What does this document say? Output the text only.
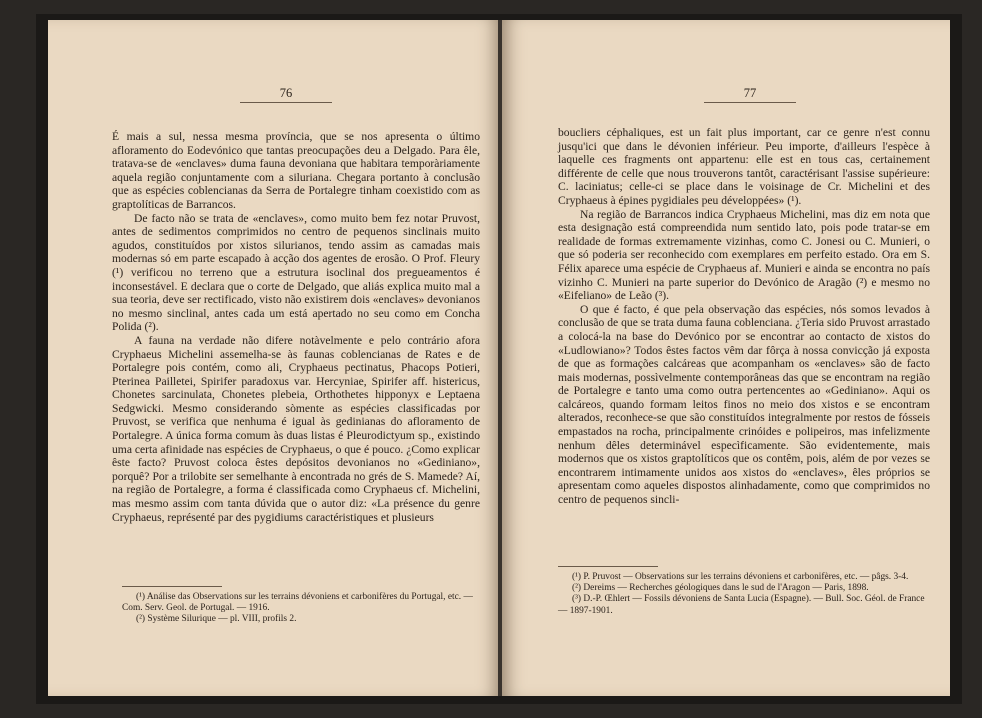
76

É mais a sul, nessa mesma província, que se nos apresenta o último afloramento do Eodevónico que tantas preocupações deu a Delgado. Para êle, tratava-se de «enclaves» duma fauna devoniana que habitara temporàriamente aquela região conjuntamente com a siluriana. Chegara portanto à conclusão que as espécies coblencianas da Serra de Portalegre tinham coexistido com as graptolíticas de Barrancos.

De facto não se trata de «enclaves», como muito bem fez notar Pruvost, antes de sedimentos comprimidos no centro de pequenos sinclinais muito agudos, constituídos por xistos silurianos, tendo assim as camadas mais modernas só em parte escapado à acção dos agentes de erosão. O Prof. Fleury (¹) verificou no terreno que a estrutura isoclinal dos pregueamentos é inconsestável. E declara que o corte de Delgado, que aliás explica muito mal a sua teoria, deve ser rectificado, visto não existirem dois «enclaves» devonianos no mesmo sinclinal, antes cada um está apertado no seu como em Concha Polida (²).

A fauna na verdade não difere notàvelmente e pelo contrário afora Cryphaeus Michelini assemelha-se às faunas coblencianas de Rates e de Portalegre pois contém, como ali, Cryphaeus pectinatus, Phacops Potieri, Pterinea Pailletei, Spirifer paradoxus var. Hercyniae, Spirifer aff. histericus, Chonetes sarcinulata, Chonetes plebeia, Orthothetes hipponyx e Leptaena Sedgwicki. Mesmo considerando sòmente as espécies classificadas por Pruvost, se verifica que nenhuma é igual às gedinianas do afloramento de Portalegre. A única forma comum às duas listas é Pleurodictyum sp., existindo uma certa afinidade nas espécies de Cryphaeus, o que é pouco. ¿Como explicar êste facto? Pruvost coloca êstes depósitos devonianos no «Gediniano», porquê? Por a trilobite ser semelhante à encontrada no grés de S. Mamede? Aí, na região de Portalegre, a forma é classificada como Cryphaeus cf. Michelini, mas mesmo assim com tanta dúvida que o autor diz: «La présence du genre Cryphaeus, représenté par des pygidiums caractéristiques et plusieurs

(¹) Análise das Observations sur les terrains dévoniens et carbonifères du Portugal, etc. — Com. Serv. Geol. de Portugal. — 1916.

(²) Système Silurique — pl. VIII, profils 2.

77

boucliers céphaliques, est un fait plus important, car ce genre n'est connu jusqu'ici que dans le dévonien inférieur. Peu importe, d'ailleurs l'espèce à laquelle ces fragments ont appartenu: elle est en tous cas, certainement différente de celle que nous trouverons tantôt, caractérisant l'assise supérieure: C. laciniatus; celle-ci se place dans le voisinage de Cr. Michelini et des Cryphaeus à épines pygidiales peu développées» (¹).

Na região de Barrancos indica Cryphaeus Michelini, mas diz em nota que esta designação está compreendida num sentido lato, pois pode tratar-se em realidade de formas extremamente vizinhas, como C. Jonesi ou C. Munieri, o que só poderia ser reconhecido com exemplares em perfeito estado. Ora em S. Félix aparece uma espécie de Cryphaeus af. Munieri e ainda se encontra no país vizinho C. Munieri na parte superior do Devónico de Aragão (²) e mesmo no «Eifeliano» de Leão (³).

O que é facto, é que pela observação das espécies, nós somos levados à conclusão de que se trata duma fauna coblenciana. ¿Teria sido Pruvost arrastado a colocá-la na base do Devónico por se encontrar ao contacto de xistos do «Ludlowiano»? Todos êstes factos vêm dar fôrça à nossa convicção já exposta de que as formações calcáreas que acompanham os «enclaves» são de facto mais modernas, possìvelmente contemporâneas das que se encontram na região de Portalegre e tanto uma como outra pertencentes ao «Gediniano». Aqui os calcáreos, quando formam leitos finos no meio dos xistos e se encontram alterados, reconhece-se que são constituídos integralmente por restos de fósseis empastados na rocha, principalmente crinóides e polipeiros, mas infelizmente nenhum dêles determinável especìficamente. São evidentemente, mais modernos que os xistos graptolíticos que os contêm, pois, além de por vezes se encontrarem intimamente unidos aos xistos do «enclaves», êles próprios se apresentam como aqueles dispostos alinhadamente, como que comprimidos no centro de pequenos sincli-

(¹) P. Pruvost — Observations sur les terrains dévoniens et carbonifères, etc. — pâgs. 3-4.

(²) Dereims — Recherches géologiques dans le sud de l'Aragon — Paris, 1898.

(³) D.-P. Œhlert — Fossils dévoniens de Santa Lucia (Espagne). — Bull. Soc. Géol. de France — 1897-1901.
